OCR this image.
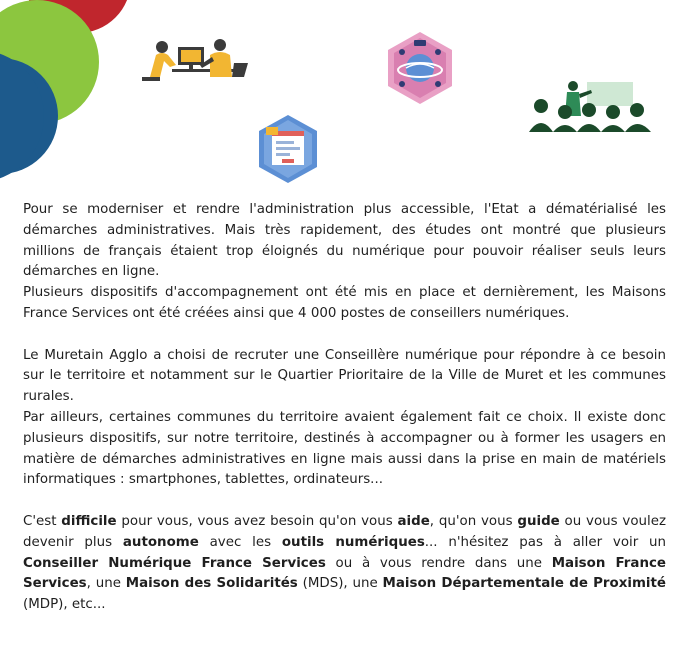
Pour se moderniser et rendre l'administration plus accessible, l'Etat a dématérialisé les démarches administratives. Mais très rapidement, des études ont montré que plusieurs millions de français étaient trop éloignés du numérique pour pouvoir réaliser seuls leurs démarches en ligne.

Plusieurs dispositifs d'accompagnement ont été mis en place et dernièrement, les Maisons France Services ont été créées ainsi que 4 000 postes de conseillers numériques.

Le Muretain Agglo a choisi de recruter une Conseillère numérique pour répondre à ce besoin sur le territoire et notamment sur le Quartier Prioritaire de la Ville de Muret et les communes rurales.

Par ailleurs, certaines communes du territoire avaient également fait ce choix. Il existe donc plusieurs dispositifs, sur notre territoire, destinés à accompagner ou à former les usagers en matière de démarches administratives en ligne mais aussi dans la prise en main de matériels informatiques : smartphones, tablettes, ordinateurs...

C'est difficile pour vous, vous avez besoin qu'on vous aide, qu'on vous guide ou vous voulez devenir plus autonome avec les outils numériques... n'hésitez pas à aller voir un Conseiller Numérique France Services ou à vous rendre dans une Maison France Services, une Maison des Solidarités (MDS), une Maison Départementale de Proximité (MDP), etc...
